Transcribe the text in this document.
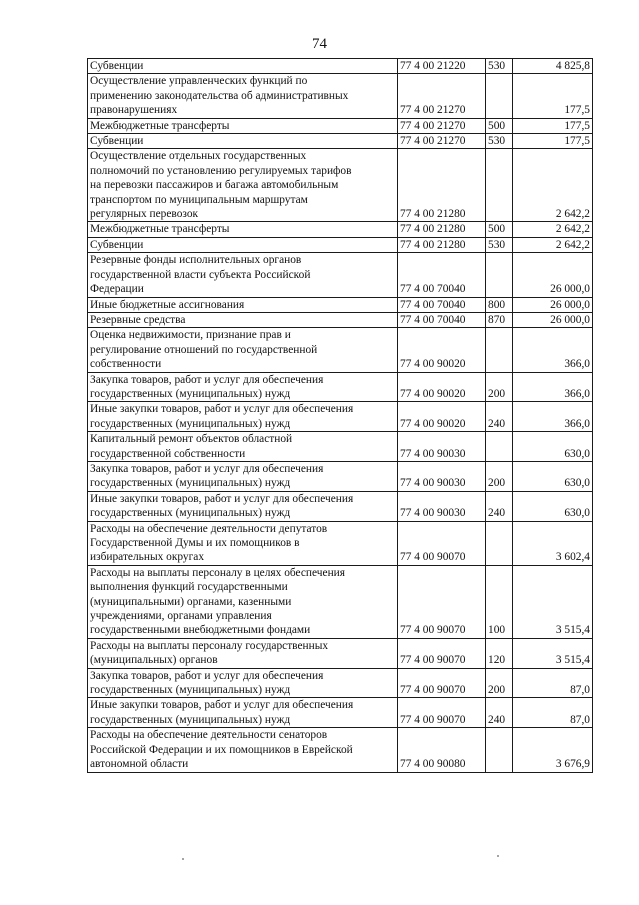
74
Субвенции	77 4 00 21220	530	4 825,8

Осуществление управленческих функций по
применению законодательства об административных
правонарушениях	77 4 00 21270		177,5

Межбюджетные трансферты	77 4 00 21270	500	177,5

Субвенции	77 4 00 21270	530	177,5

Осуществление отдельных государственных
полномочий по установлению регулируемых тарифов
на перевозки пассажиров и багажа автомобильным
транспортом по муниципальным маршрутам
регулярных перевозок	77 4 00 21280		2 642,2

Межбюджетные трансферты	77 4 00 21280	500	2 642,2

Субвенции	77 4 00 21280	530	2 642,2

Резервные фонды исполнительных органов
государственной власти субъекта Российской
Федерации	77 4 00 70040		26 000,0

Иные бюджетные ассигнования	77 4 00 70040	800	26 000,0

Резервные средства	77 4 00 70040	870	26 000,0

Оценка недвижимости, признание прав и
регулирование отношений по государственной
собственности	77 4 00 90020		366,0

Закупка товаров, работ и услуг для обеспечения
государственных (муниципальных) нужд	77 4 00 90020	200	366,0

Иные закупки товаров, работ и услуг для обеспечения
государственных (муниципальных) нужд	77 4 00 90020	240	366,0

Капитальный ремонт объектов областной
государственной собственности	77 4 00 90030		630,0

Закупка товаров, работ и услуг для обеспечения
государственных (муниципальных) нужд	77 4 00 90030	200	630,0

Иные закупки товаров, работ и услуг для обеспечения
государственных (муниципальных) нужд	77 4 00 90030	240	630,0

Расходы на обеспечение деятельности депутатов
Государственной Думы и их помощников в
избирательных округах	77 4 00 90070		3 602,4

Расходы на выплаты персоналу в целях обеспечения
выполнения функций государственными
(муниципальными) органами, казенными
учреждениями, органами управления
государственными внебюджетными фондами	77 4 00 90070	100	3 515,4

Расходы на выплаты персоналу государственных
(муниципальных) органов	77 4 00 90070	120	3 515,4

Закупка товаров, работ и услуг для обеспечения
государственных (муниципальных) нужд	77 4 00 90070	200	87,0

Иные закупки товаров, работ и услуг для обеспечения
государственных (муниципальных) нужд	77 4 00 90070	240	87,0

Расходы на обеспечение деятельности сенаторов
Российской Федерации и их помощников в Еврейской
автономной области	77 4 00 90080		3 676,9
